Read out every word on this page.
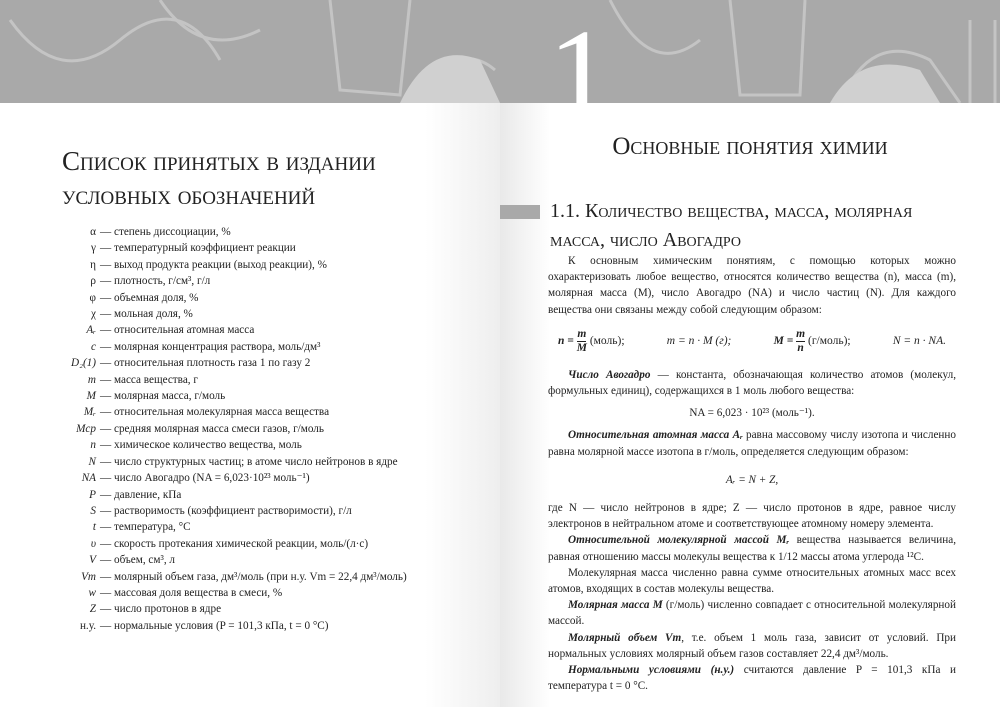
Список принятых в издании
условных обозначений
α — степень диссоциации, %
γ — температурный коэффициент реакции
η — выход продукта реакции (выход реакции), %
ρ — плотность, г/см³, г/л
φ — объемная доля, %
χ — мольная доля, %
Aᵣ — относительная атомная масса
c — молярная концентрация раствора, моль/дм³
D₂(1) — относительная плотность газа 1 по газу 2
m — масса вещества, г
M — молярная масса, г/моль
Mᵣ — относительная молекулярная масса вещества
Mср — средняя молярная масса смеси газов, г/моль
n — химическое количество вещества, моль
N — число структурных частиц; в атоме число нейтронов в ядре
NA — число Авогадро (NA = 6,023·10²³ моль⁻¹)
P — давление, кПа
S — растворимость (коэффициент растворимости), г/л
t — температура, °C
υ — скорость протекания химической реакции, моль/(л·с)
V — объем, см³, л
Vm — молярный объем газа, дм³/моль (при н.у. Vm = 22,4 дм³/моль)
w — массовая доля вещества в смеси, %
Z — число протонов в ядре
н.у. — нормальные условия (P = 101,3 кПа, t = 0 °C)
1
Основные понятия химии
1.1. Количество вещества, масса, молярная масса, число Авогадро

К основным химическим понятиям, с помощью которых можно охарактеризовать любое вещество, относятся количество вещества (n), масса (m), молярная масса (M), число Авогадро (NA) и число частиц (N). Для каждого вещества они связаны между собой следующим образом:

$n = \frac{m}{M}$ (моль);	m = n · M (г);	$M = \frac{m}{n}$ (г/моль);	N = n · NA.

Число Авогадро — константа, обозначающая количество атомов (молекул, формульных единиц), содержащихся в 1 моль любого вещества:

NA = 6,023 · 10²³ (моль⁻¹).

Относительная атомная масса Aᵣ равна массовому числу изотопа и численно равна молярной массе изотопа в г/моль, определяется следующим образом:

Aᵣ = N + Z,

где N — число нейтронов в ядре; Z — число протонов в ядре, равное числу электронов в нейтральном атоме и соответствующее атомному номеру элемента.

Относительной молекулярной массой Mᵣ вещества называется величина, равная отношению массы молекулы вещества к 1/12 массы атома углерода ¹²C.

Молекулярная масса численно равна сумме относительных атомных масс всех атомов, входящих в состав молекулы вещества.

Молярная масса M (г/моль) численно совпадает с относительной молекулярной массой.

Молярный объем Vm, т.е. объем 1 моль газа, зависит от условий. При нормальных условиях молярный объем газов составляет 22,4 дм³/моль.

Нормальными условиями (н.у.) считаются давление P = 101,3 кПа и температура t = 0 °C.
